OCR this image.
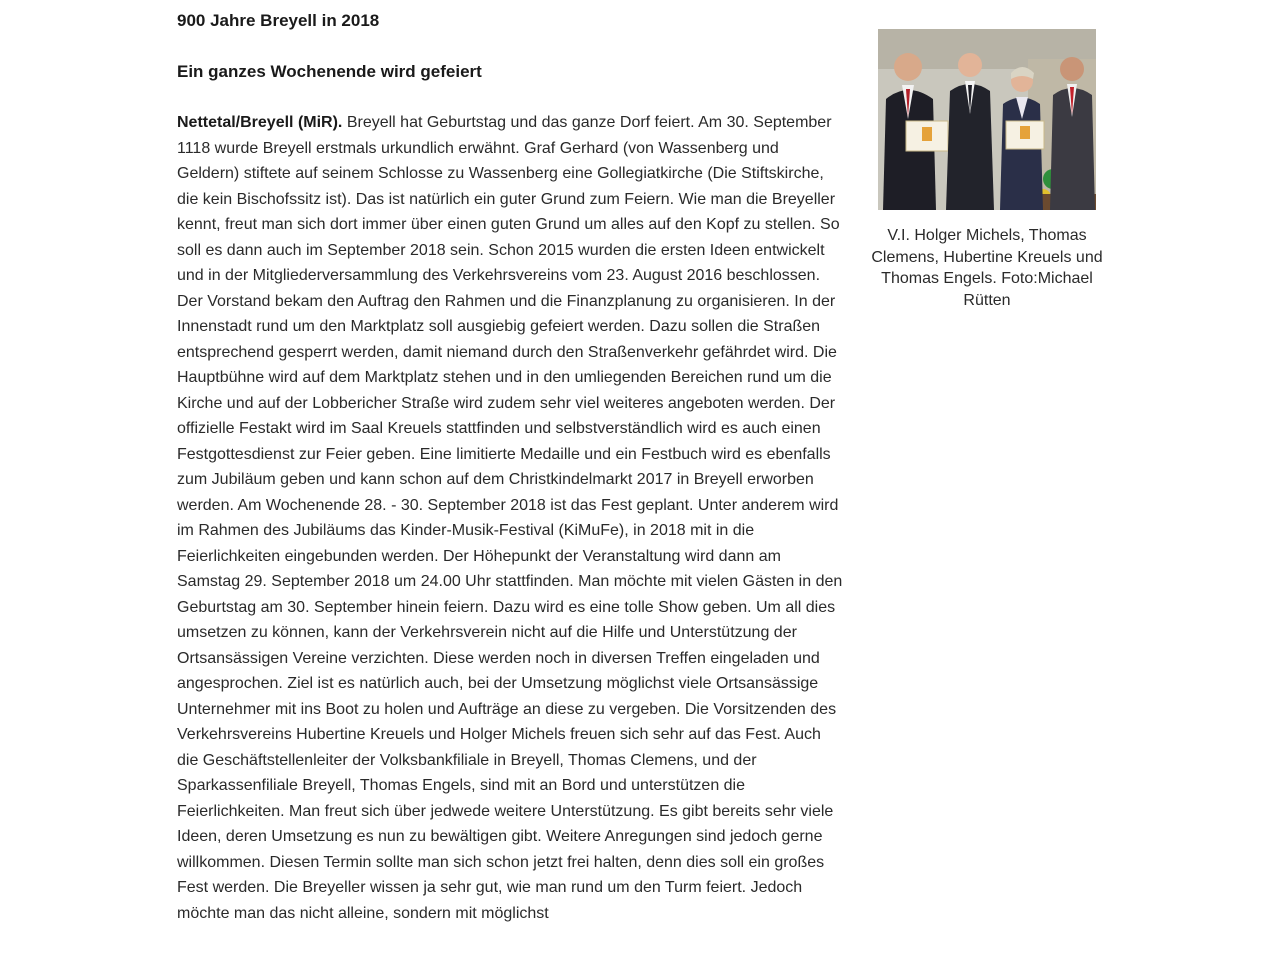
900 Jahre Breyell in 2018
Ein ganzes Wochenende wird gefeiert

Nettetal/Breyell (MiR). Breyell hat Geburtstag und das ganze Dorf feiert. Am 30. September 1118 wurde Breyell erstmals urkundlich erwähnt. Graf Gerhard (von Wassenberg und Geldern) stiftete auf seinem Schlosse zu Wassenberg eine Gollegiatkirche (Die Stiftskirche, die kein Bischofssitz ist). Das ist natürlich ein guter Grund zum Feiern. Wie man die Breyeller kennt, freut man sich dort immer über einen guten Grund um alles auf den Kopf zu stellen. So soll es dann auch im September 2018 sein. Schon 2015 wurden die ersten Ideen entwickelt und in der Mitgliederversammlung des Verkehrsvereins vom 23. August 2016 beschlossen. Der Vorstand bekam den Auftrag den Rahmen und die Finanzplanung zu organisieren. In der Innenstadt rund um den Marktplatz soll ausgiebig gefeiert werden. Dazu sollen die Straßen entsprechend gesperrt werden, damit niemand durch den Straßenverkehr gefährdet wird. Die Hauptbühne wird auf dem Marktplatz stehen und in den umliegenden Bereichen rund um die Kirche und auf der Lobbericher Straße wird zudem sehr viel weiteres angeboten werden. Der offizielle Festakt wird im Saal Kreuels stattfinden und selbstverständlich wird es auch einen Festgottesdienst zur Feier geben. Eine limitierte Medaille und ein Festbuch wird es ebenfalls zum Jubiläum geben und kann schon auf dem Christkindelmarkt 2017 in Breyell erworben werden. Am Wochenende 28. - 30. September 2018 ist das Fest geplant. Unter anderem wird im Rahmen des Jubiläums das Kinder-Musik-Festival (KiMuFe), in 2018 mit in die Feierlichkeiten eingebunden werden. Der Höhepunkt der Veranstaltung wird dann am Samstag 29. September 2018 um 24.00 Uhr stattfinden. Man möchte mit vielen Gästen in den Geburtstag am 30. September hinein feiern. Dazu wird es eine tolle Show geben. Um all dies umsetzen zu können, kann der Verkehrsverein nicht auf die Hilfe und Unterstützung der Ortsansässigen Vereine verzichten. Diese werden noch in diversen Treffen eingeladen und angesprochen. Ziel ist es natürlich auch, bei der Umsetzung möglichst viele Ortsansässige Unternehmer mit ins Boot zu holen und Aufträge an diese zu vergeben. Die Vorsitzenden des Verkehrsvereins Hubertine Kreuels und Holger Michels freuen sich sehr auf das Fest. Auch die Geschäftstellenleiter der Volksbankfiliale in Breyell, Thomas Clemens, und der Sparkassenfiliale Breyell, Thomas Engels, sind mit an Bord und unterstützen die Feierlichkeiten. Man freut sich über jedwede weitere Unterstützung. Es gibt bereits sehr viele Ideen, deren Umsetzung es nun zu bewältigen gibt. Weitere Anregungen sind jedoch gerne willkommen. Diesen Termin sollte man sich schon jetzt frei halten, denn dies soll ein großes Fest werden. Die Breyeller wissen ja sehr gut, wie man rund um den Turm feiert. Jedoch möchte man das nicht alleine, sondern mit möglichst

V.I. Holger Michels, Thomas Clemens, Hubertine Kreuels und Thomas Engels. Foto:Michael Rütten
